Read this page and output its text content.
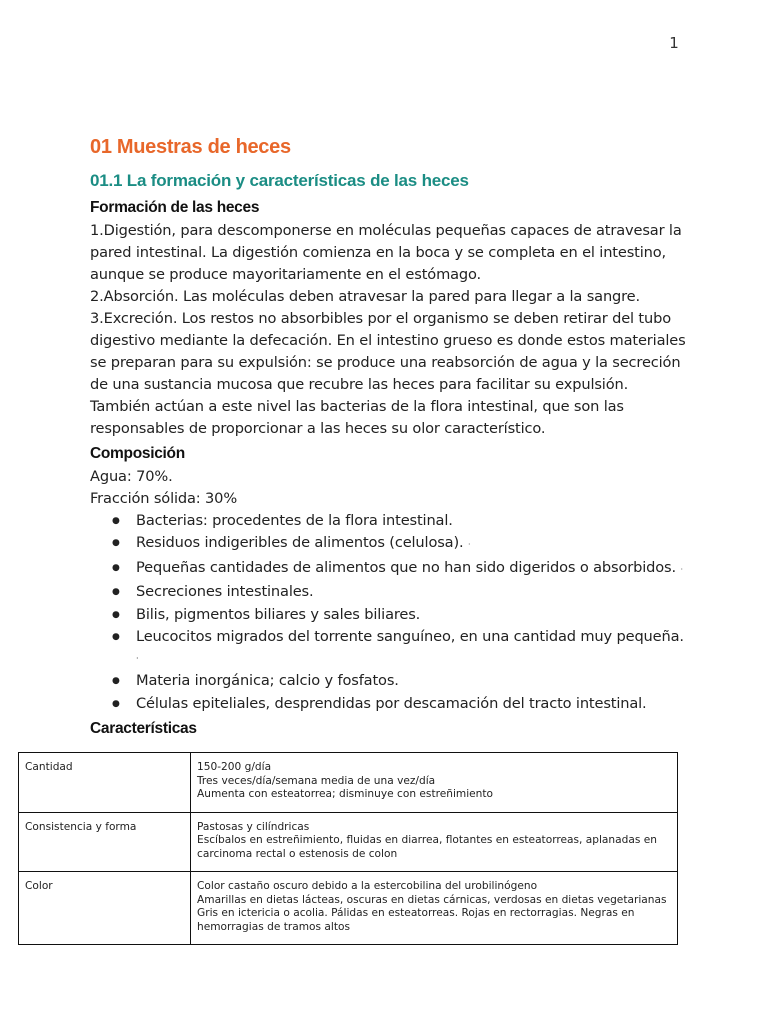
1
01 Muestras de heces
01.1 La formación y características de las heces
Formación de las heces

1.Digestión, para descomponerse en moléculas pequeñas capaces de atravesar la pared intestinal. La digestión comienza en la boca y se completa en el intestino, aunque se produce mayoritariamente en el estómago.

2.Absorción. Las moléculas deben atravesar la pared para llegar a la sangre.

3.Excreción. Los restos no absorbibles por el organismo se deben retirar del tubo digestivo mediante la defecación. En el intestino grueso es donde estos materiales se preparan para su expulsión: se produce una reabsorción de agua y la secreción de una sustancia mucosa que recubre las heces para facilitar su expulsión. También actúan a este nivel las bacterias de la flora intestinal, que son las responsables de proporcionar a las heces su olor característico.

Composición

Agua: 70%.

Fracción sólida: 30%

● Bacterias: procedentes de la flora intestinal.
● Residuos indigeribles de alimentos (celulosa). ·
● Pequeñas cantidades de alimentos que no han sido digeridos o absorbidos. ·
● Secreciones intestinales.
● Bilis, pigmentos biliares y sales biliares.
● Leucocitos migrados del torrente sanguíneo, en una cantidad muy pequeña.
·
● Materia inorgánica; calcio y fosfatos.
● Células epiteliales, desprendidas por descamación del tracto intestinal.
Características
Cantidad	150-200 g/día
Tres veces/día/semana media de una vez/día
Aumenta con esteatorrea; disminuye con estreñimiento

Consistencia y forma	Pastosas y cilíndricas
Escíbalos en estreñimiento, fluidas en diarrea, flotantes en esteatorreas, aplanadas en carcinoma rectal o estenosis de colon

Color	Color castaño oscuro debido a la estercobilina del urobilinógeno
Amarillas en dietas lácteas, oscuras en dietas cárnicas, verdosas en dietas vegetarianas
Gris en ictericia o acolia. Pálidas en esteatorreas. Rojas en rectorragias. Negras en hemorragias de tramos altos
